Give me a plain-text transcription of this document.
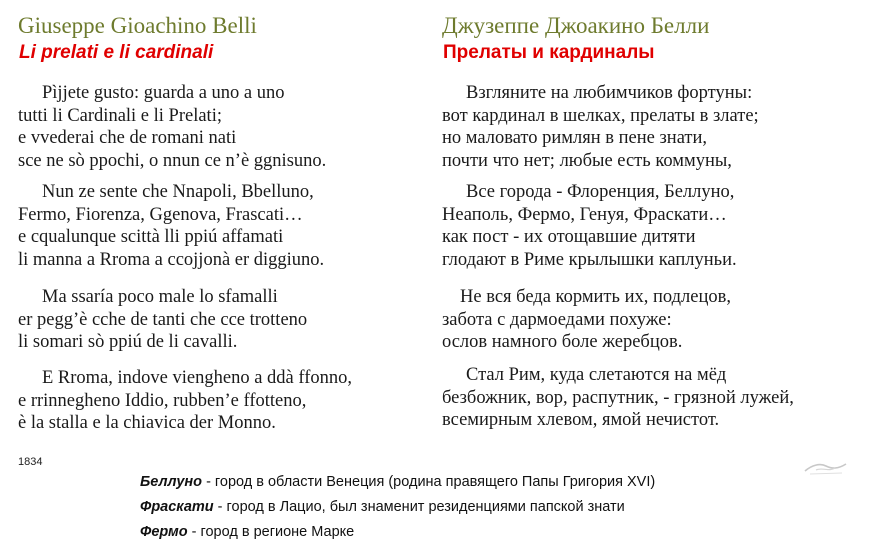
Giuseppe Gioachino Belli
Li prelati e li cardinali
Pìjjete gusto: guarda a uno a uno
tutti li Cardinali e li Prelati;
e vvederai che de romani nati
sce ne sò ppochi, o nnun ce n’è ggnisuno.
Nun ze sente che Nnapoli, Bbelluno,
Fermo, Fiorenza, Ggenova, Frascati…
e cqualunque scittà lli ppiú affamati
li manna a Rroma a ccojjonà er diggiuno.
Ma ssaría poco male lo sfamalli
er pegg’è cche de tanti che cce trotteno
li somari sò ppiú de li cavalli.
E Rroma, indove viengheno a ddà ffonno,
e rrinnegheno Iddio, rubben’e ffotteno,
è la stalla e la chiavica der Monno.
Джузеппе Джоакино Белли
Прелаты и кардиналы
Взгляните на любимчиков фортуны:
вот кардинал в шелках, прелаты в злате;
но маловато римлян в пене знати,
почти что нет; любые есть коммуны,
Все города - Флоренция, Беллуно,
Неаполь, Фермо, Генуя, Фраскати…
как пост - их отощавшие дитяти
глодают в Риме крылышки каплуньи.
Не вся беда кормить их, подлецов,
забота с дармоедами похуже:
ослов намного боле жеребцов.
Стал Рим, куда слетаются на мёд
безбожник, вор, распутник, - грязной лужей,
всемирным хлевом, ямой нечистот.
1834
Беллуно - город в области Венеция (родина правящего Папы Григория XVI)
Фраскати - город в Лацио, был знаменит резиденциями папской знати
Фермо - город в регионе Марке
